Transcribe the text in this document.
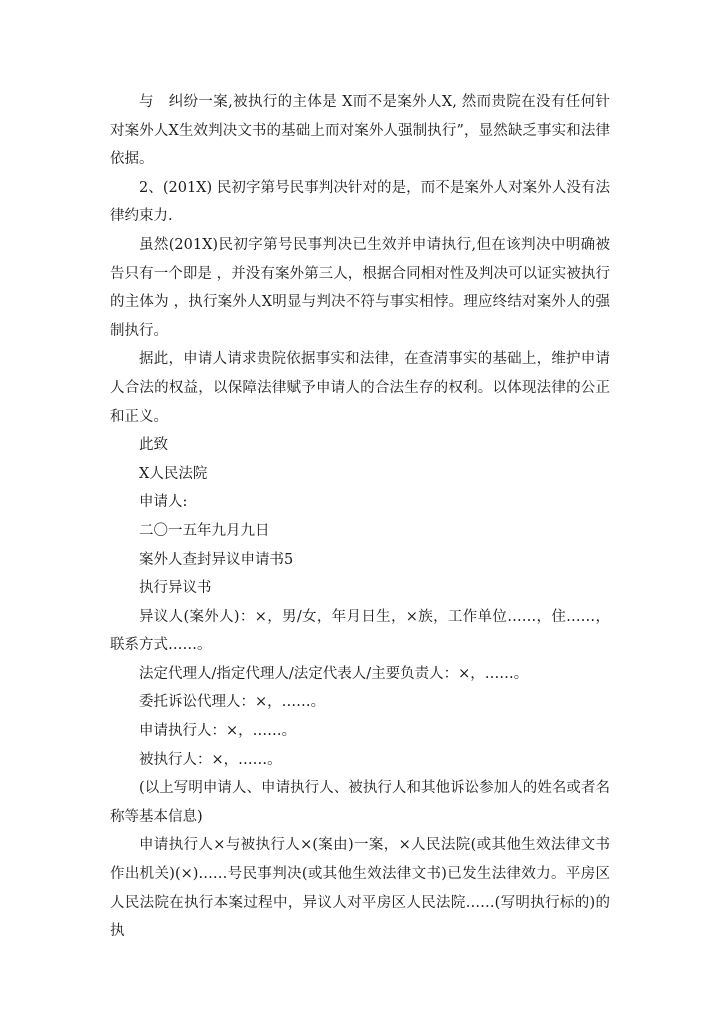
与　纠纷一案,被执行的主体是 X而不是案外人X, 然而贵院在没有任何针对案外人X生效判决文书的基础上而对案外人强制执行”，显然缺乏事实和法律依据。

2、(201X) 民初字第号民事判决针对的是，而不是案外人对案外人没有法律约束力.

虽然(201X)民初字第号民事判决已生效并申请执行,但在该判决中明确被告只有一个即是 ，并没有案外第三人，根据合同相对性及判决可以证实被执行的主体为 ，执行案外人X明显与判决不符与事实相悖。理应终结对案外人的强制执行。

据此，申请人请求贵院依据事实和法律，在查清事实的基础上，维护申请人合法的权益，以保障法律赋予申请人的合法生存的权利。以体现法律的公正和正义。

此致

X人民法院

申请人:

二〇一五年九月九日

案外人查封异议申请书5

执行异议书

异议人(案外人)：×，男/女，年月日生，×族，工作单位……，住……，联系方式……。

法定代理人/指定代理人/法定代表人/主要负责人：×，……。

委托诉讼代理人：×，……。

申请执行人：×，……。

被执行人：×，……。

(以上写明申请人、申请执行人、被执行人和其他诉讼参加人的姓名或者名称等基本信息)

申请执行人×与被执行人×(案由)一案，×人民法院(或其他生效法律文书作出机关)(×)……号民事判决(或其他生效法律文书)已发生法律效力。平房区人民法院在执行本案过程中，异议人对平房区人民法院……(写明执行标的)的执
